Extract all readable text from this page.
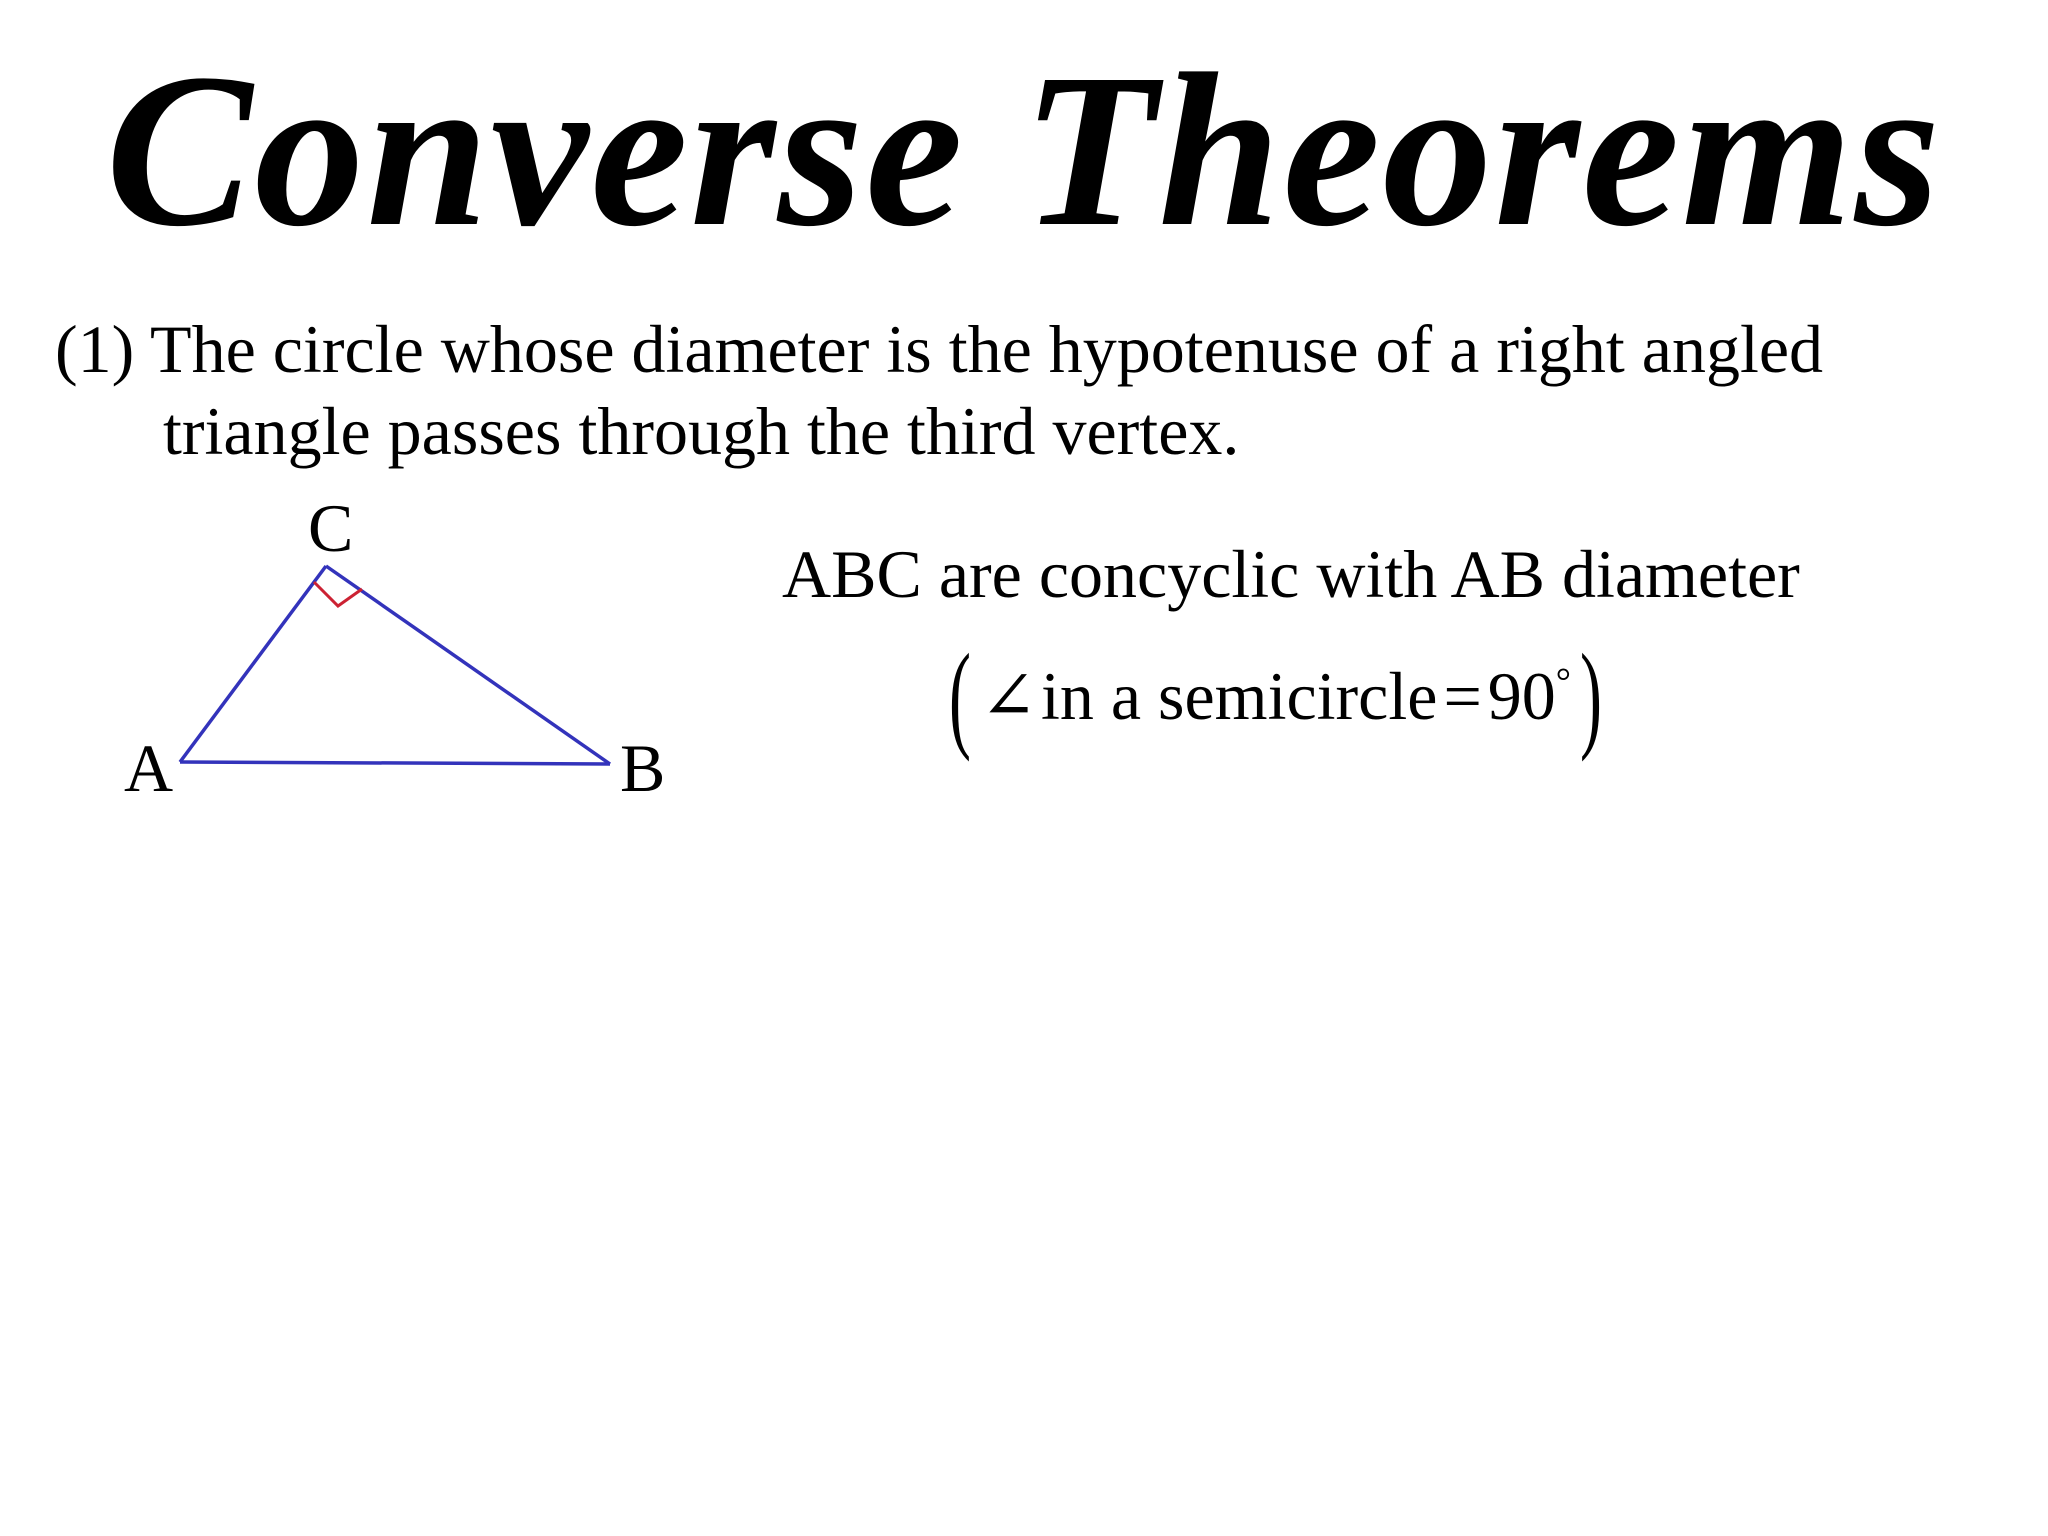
Converse Theorems
(1) The circle whose diameter is the hypotenuse of a right angled
triangle passes through the third vertex.
C
A	B
ABC are concyclic with AB diameter
( ∠ in a semicircle = 90 ° )
